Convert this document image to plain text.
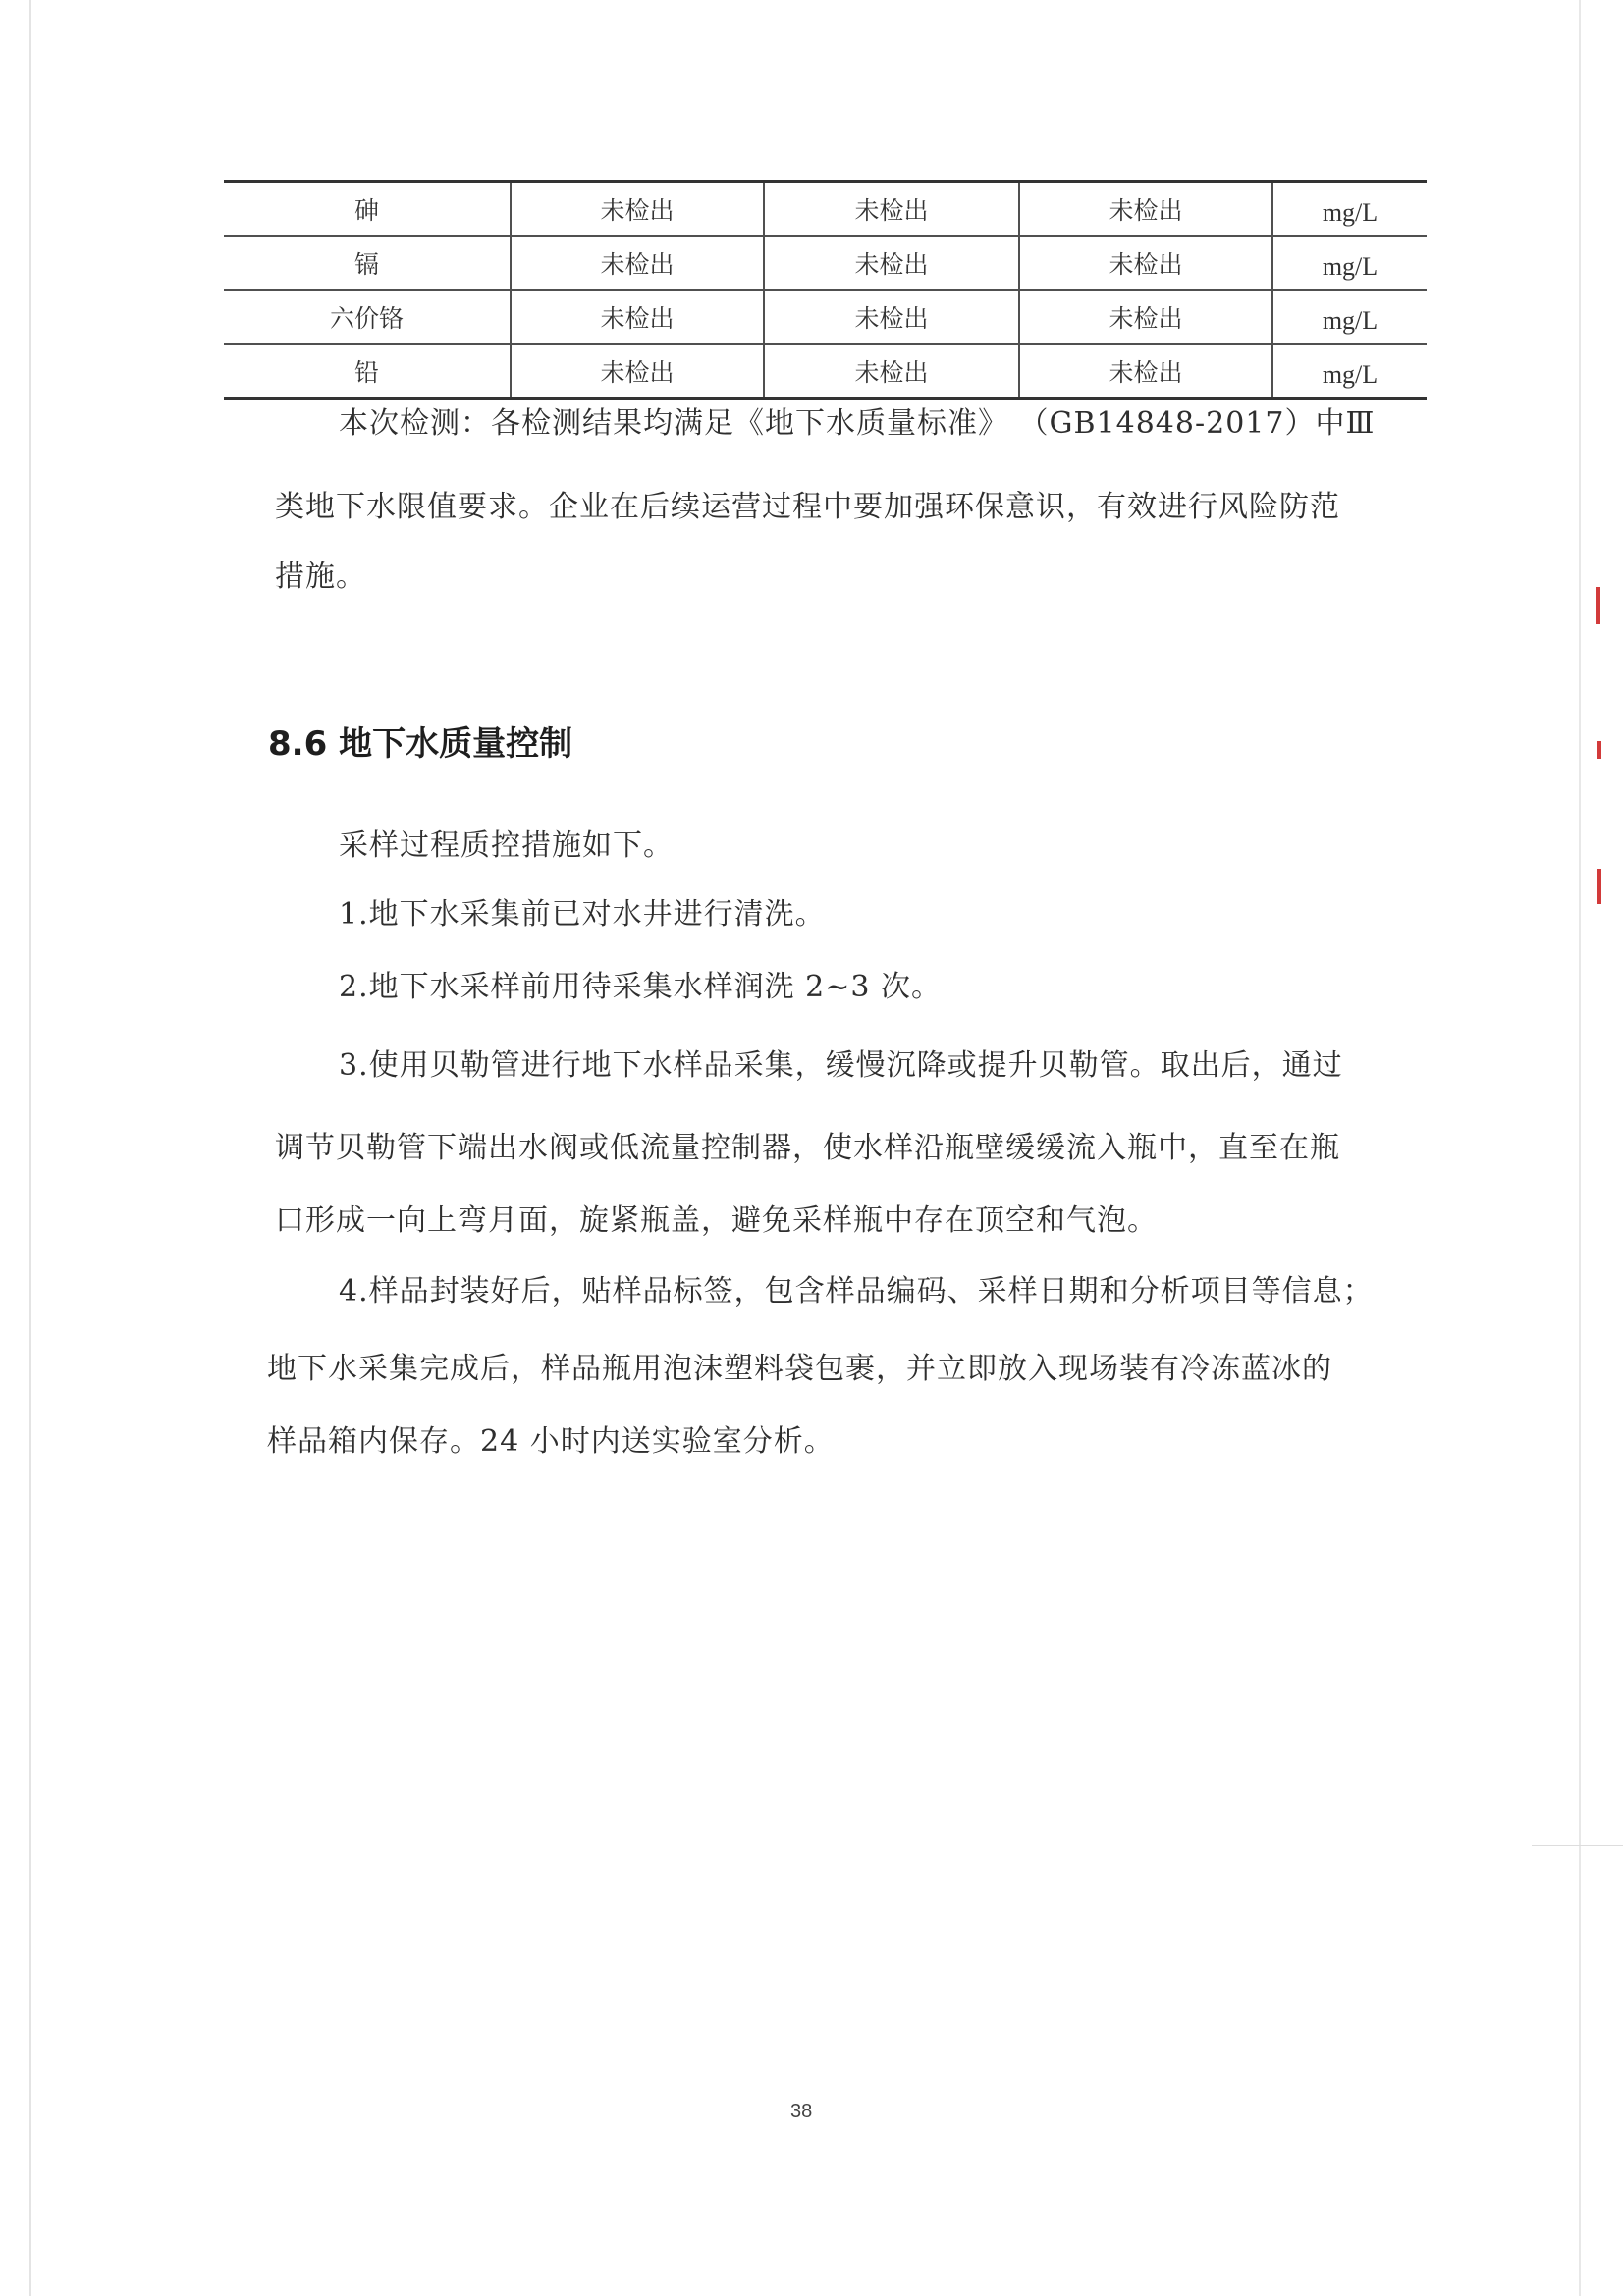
砷	未检出	未检出	未检出	mg/L
镉	未检出	未检出	未检出	mg/L
六价铬	未检出	未检出	未检出	mg/L
铅	未检出	未检出	未检出	mg/L
本次检测：各检测结果均满足《地下水质量标准》 （GB14848-2017）中Ⅲ
类地下水限值要求。企业在后续运营过程中要加强环保意识，有效进行风险防范
措施。
8.6 地下水质量控制
采样过程质控措施如下。
1.地下水采集前已对水井进行清洗。
2.地下水采样前用待采集水样润洗 2~3 次。
3.使用贝勒管进行地下水样品采集，缓慢沉降或提升贝勒管。取出后，通过
调节贝勒管下端出水阀或低流量控制器，使水样沿瓶壁缓缓流入瓶中，直至在瓶
口形成一向上弯月面，旋紧瓶盖，避免采样瓶中存在顶空和气泡。
4.样品封装好后，贴样品标签，包含样品编码、采样日期和分析项目等信息；
地下水采集完成后，样品瓶用泡沫塑料袋包裹，并立即放入现场装有冷冻蓝冰的
样品箱内保存。24 小时内送实验室分析。
38
